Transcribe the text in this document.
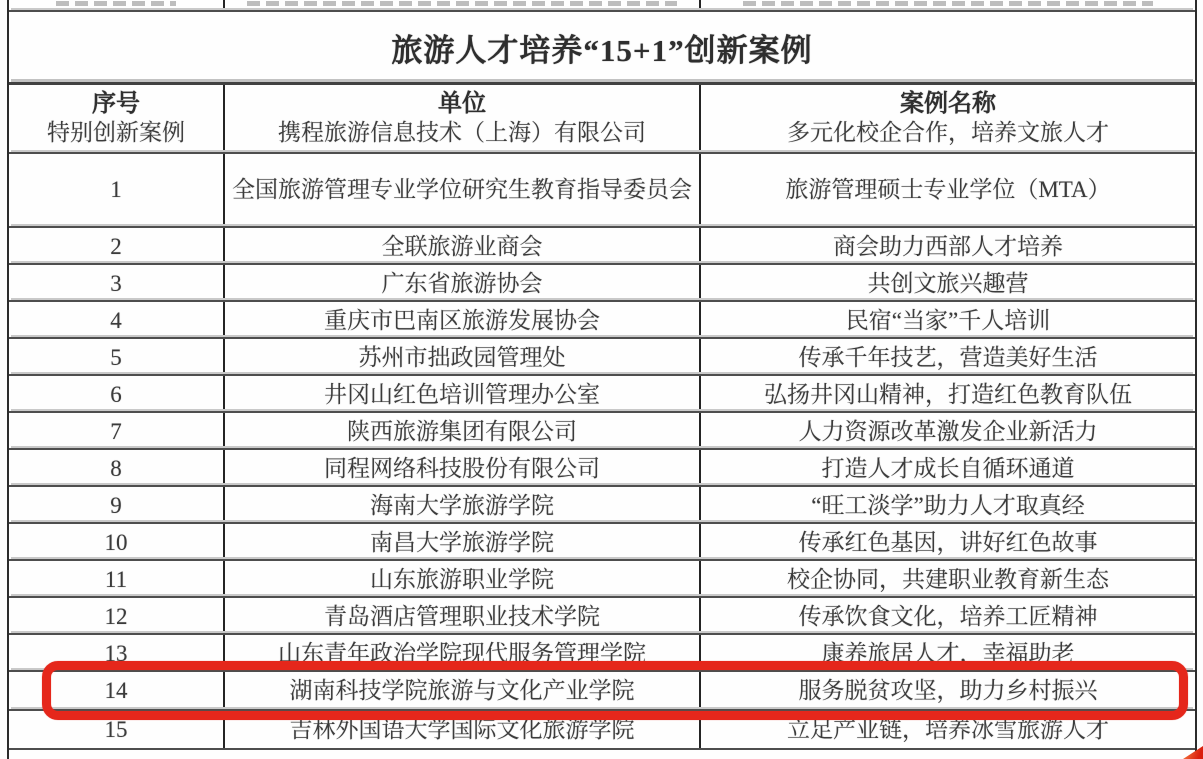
旅游人才培养“15+1”创新案例
序号	单位	案例名称
特别创新案例	携程旅游信息技术（上海）有限公司	多元化校企合作，培养文旅人才
1	全国旅游管理专业学位研究生 教育指导委员会	旅游管理硕士专业学位（MTA）
2	全联旅游业商会	商会助力西部人才培养
3	广东省旅游协会	共创文旅兴趣营
4	重庆市巴南区旅游发展协会	民宿“当家”千人培训
5	苏州市拙政园管理处	传承千年技艺，营造美好生活
6	井冈山红色培训管理办公室	弘扬井冈山精神，打造红色教育队伍
7	陕西旅游集团有限公司	人力资源改革激发企业新活力
8	同程网络科技股份有限公司	打造人才成长自循环通道
9	海南大学旅游学院	“旺工淡学”助力人才取真经
10	南昌大学旅游学院	传承红色基因，讲好红色故事
11	山东旅游职业学院	校企协同，共建职业教育新生态
12	青岛酒店管理职业技术学院	传承饮食文化，培养工匠精神
13	山东青年政治学院现代服务管理学院	康养旅居人才，幸福助老
14	湖南科技学院旅游与文化产业学院	服务脱贫攻坚，助力乡村振兴
15	吉林外国语大学国际文化旅游学院	立足产业链，培养冰雪旅游人才
